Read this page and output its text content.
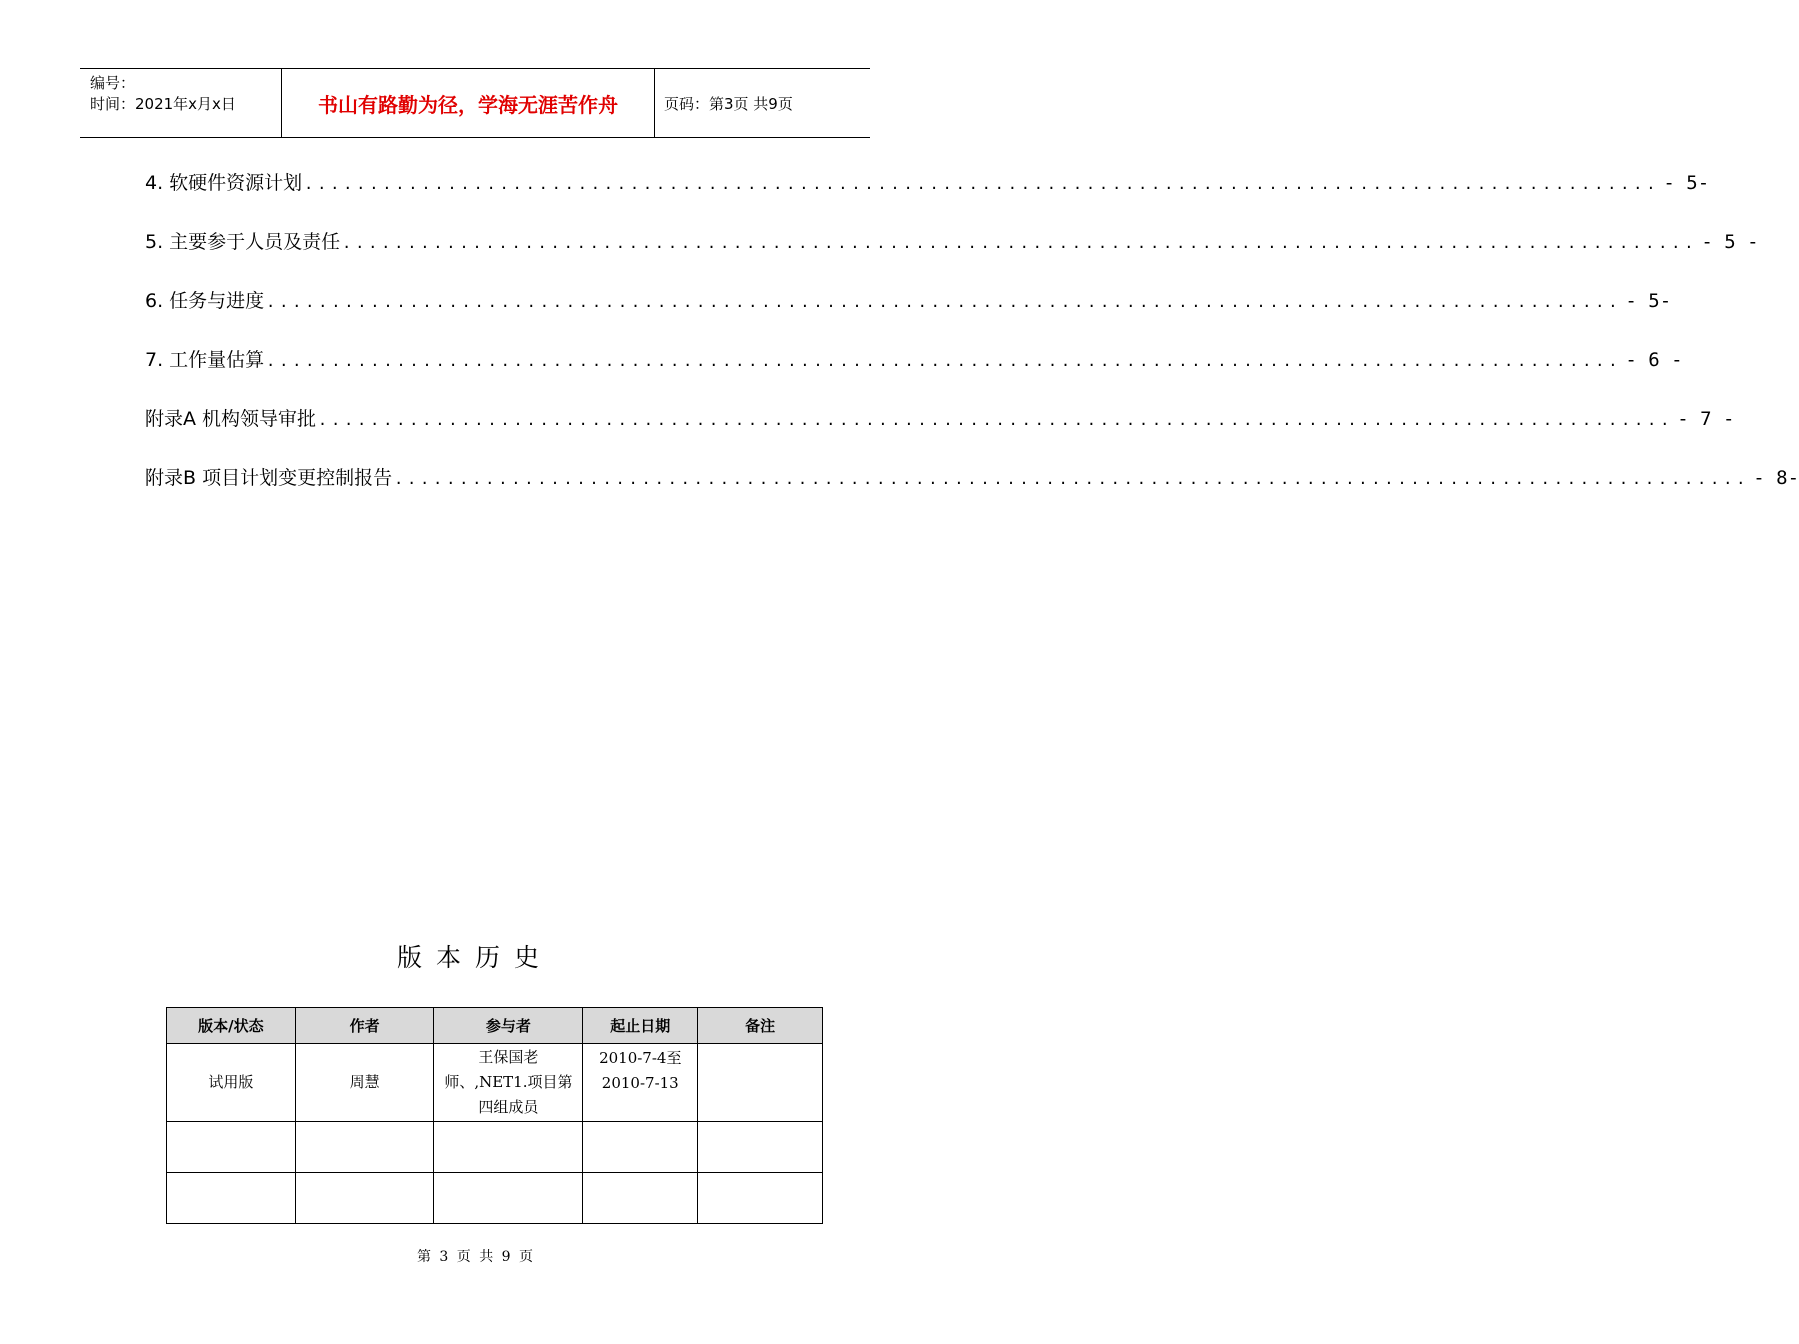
编号：
时间：2021年x月x日	书山有路勤为径，学海无涯苦作舟	页码：第3页 共9页
4. 软硬件资源计划 ........................................................................................................ - 5-
5. 主要参于人员及责任 ........................................................................................................ - 5 -
6. 任务与进度 ........................................................................................................ - 5-
7. 工作量估算 ........................................................................................................ - 6 -
附录A 机构领导审批 ........................................................................................................ - 7 -
附录B 项目计划变更控制报告 ........................................................................................................ - 8-
版本历史
版本/状态	作者	参与者	起止日期	备注
试用版	周慧	王保国老师、,NET1.项目第四组成员	2010-7-4至2010-7-13	

第 3 页 共 9 页
